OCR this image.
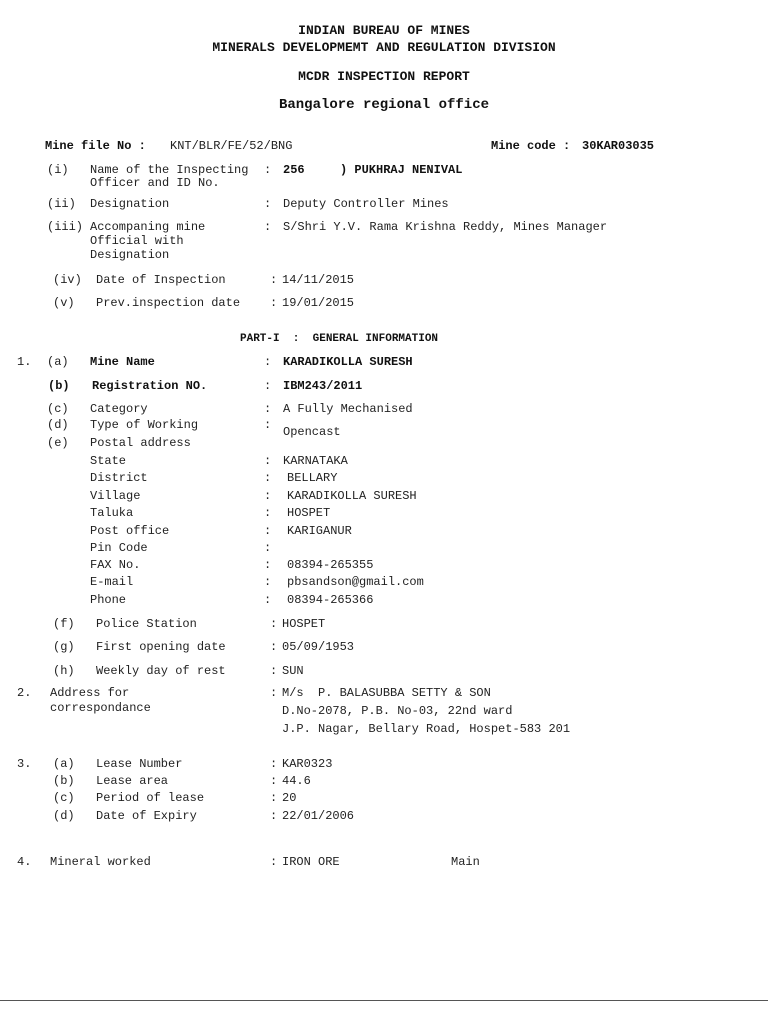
INDIAN BUREAU OF MINES
MINERALS DEVELOPMEMT AND REGULATION DIVISION
MCDR INSPECTION REPORT
Bangalore regional office
Mine file No : KNT/BLR/FE/52/BNG	Mine code : 30KAR03035
(i) Name of the Inspecting
Officer and ID No.
: 256	) PUKHRAJ NENIVAL
(ii) Designation	: Deputy Controller Mines
(iii) Accompaning mine
Official with
Designation
: S/Shri Y.V. Rama Krishna Reddy, Mines Manager
(iv) Date of Inspection	: 14/11/2015
(v) Prev.inspection date : 19/01/2015
PART-I  :  GENERAL INFORMATION
1. (a) Mine Name	: KARADIKOLLA SURESH
(b) Registration NO.	: IBM243/2011
(c) Category	: A Fully Mechanised
(d) Type of Working	: Opencast
(e) Postal address
State	: KARNATAKA
District	: BELLARY
Village	: KARADIKOLLA SURESH
Taluka	: HOSPET
Post office	: KARIGANUR
Pin Code	:
FAX No.	: 08394-265355
E-mail	: pbsandson@gmail.com
Phone	: 08394-265366
(f) Police Station	: HOSPET
(g) First opening date	: 05/09/1953
(h) Weekly day of rest	: SUN
2. Address for
correspondance
: M/s  P. BALASUBBA SETTY & SON
D.No-2078, P.B. No-03, 22nd ward
J.P. Nagar, Bellary Road, Hospet-583 201
3. (a) Lease Number	: KAR0323
(b) Lease area	: 44.6
(c) Period of lease	: 20
(d) Date of Expiry	: 22/01/2006
4. Mineral worked	: IRON ORE	Main
